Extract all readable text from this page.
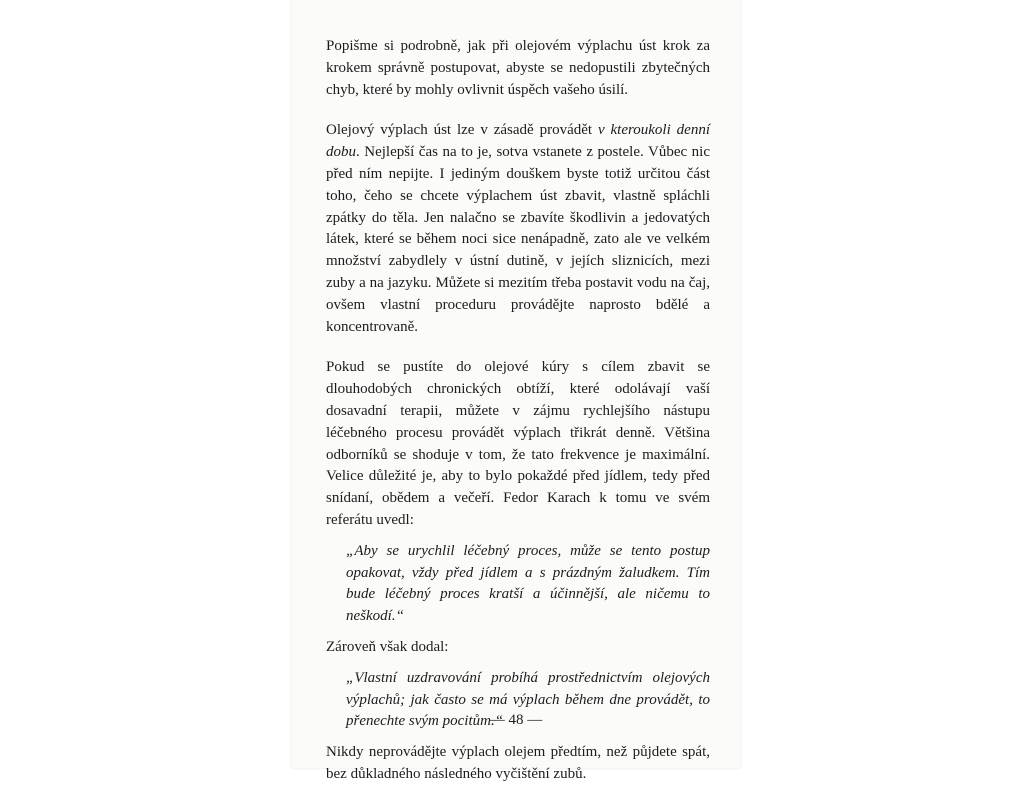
Popišme si podrobně, jak při olejovém výplachu úst krok za krokem správně postupovat, abyste se nedopustili zbytečných chyb, které by mohly ovlivnit úspěch vašeho úsilí.

Olejový výplach úst lze v zásadě provádět v kteroukoli denní dobu. Nejlepší čas na to je, sotva vstanete z postele. Vůbec nic před ním nepijte. I jediným douškem byste totiž určitou část toho, čeho se chcete výplachem úst zbavit, vlastně spláchli zpátky do těla. Jen nalačno se zbavíte škodlivin a jedovatých látek, které se během noci sice nenápadně, zato ale ve velkém množství zabydlely v ústní dutině, v jejích sliznicích, mezi zuby a na jazyku. Můžete si mezitím třeba postavit vodu na čaj, ovšem vlastní proceduru provádějte naprosto bdělé a koncentrovaně.

Pokud se pustíte do olejové kúry s cílem zbavit se dlouhodobých chronických obtíží, které odolávají vaší dosavadní terapii, můžete v zájmu rychlejšího nástupu léčebného procesu provádět výplach třikrát denně. Většina odborníků se shoduje v tom, že tato frekvence je maximální. Velice důležité je, aby to bylo pokaždé před jídlem, tedy před snídaní, obědem a večeří. Fedor Karach k tomu ve svém referátu uvedl:

„Aby se urychlil léčebný proces, může se tento postup opakovat, vždy před jídlem a s prázdným žaludkem. Tím bude léčebný proces kratší a účinnější, ale ničemu to neškodí.“

Zároveň však dodal:

„Vlastní uzdravování probíhá prostřednictvím olejových výplachů; jak často se má výplach během dne provádět, to přenechte svým pocitům.“

Nikdy neprovádějte výplach olejem předtím, než půjdete spát, bez důkladného následného vyčištění zubů.

— 48 —
